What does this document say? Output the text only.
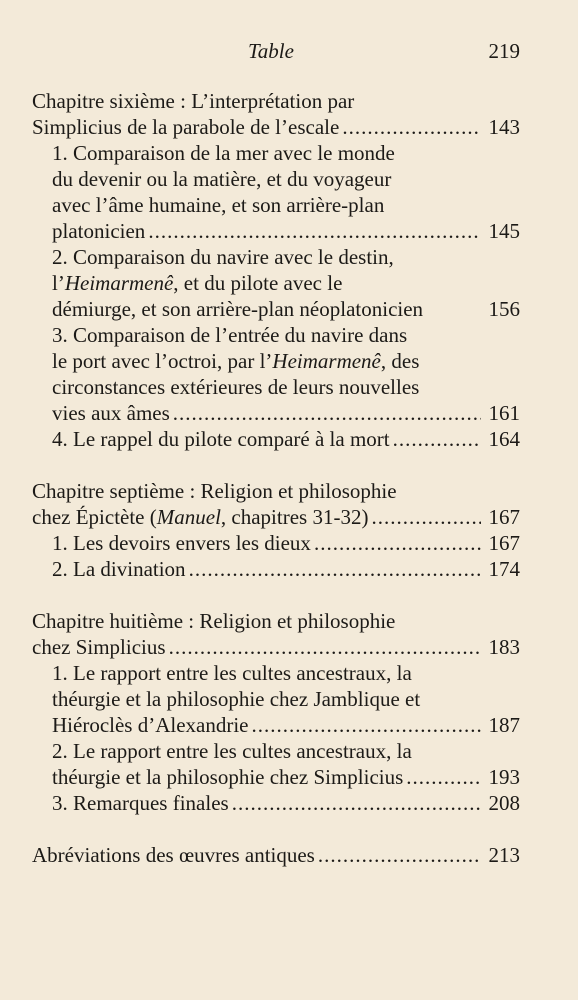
Table	219
Chapitre sixième : L’interprétation par
Simplicius de la parabole de l’escale .....	143
1. Comparaison de la mer avec le monde
du devenir ou la matière, et du voyageur
avec l’âme humaine, et son arrière-plan
platonicien .....	145
2. Comparaison du navire avec le destin,
l’Heimarmenê, et du pilote avec le
démiurge, et son arrière-plan néoplatonicien	156
3. Comparaison de l’entrée du navire dans
le port avec l’octroi, par l’Heimarmenê, des
circonstances extérieures de leurs nouvelles
vies aux âmes .....	161
4. Le rappel du pilote comparé à la mort .....	164
Chapitre septième : Religion et philosophie
chez Épictète (Manuel, chapitres 31-32) .....	167
1. Les devoirs envers les dieux .....	167
2. La divination .....	174
Chapitre huitième : Religion et philosophie
chez Simplicius .....	183
1. Le rapport entre les cultes ancestraux, la
théurgie et la philosophie chez Jamblique et
Hiéroclès d’Alexandrie .....	187
2. Le rapport entre les cultes ancestraux, la
théurgie et la philosophie chez Simplicius .....	193
3. Remarques finales .....	208
Abréviations des œuvres antiques .....	213
